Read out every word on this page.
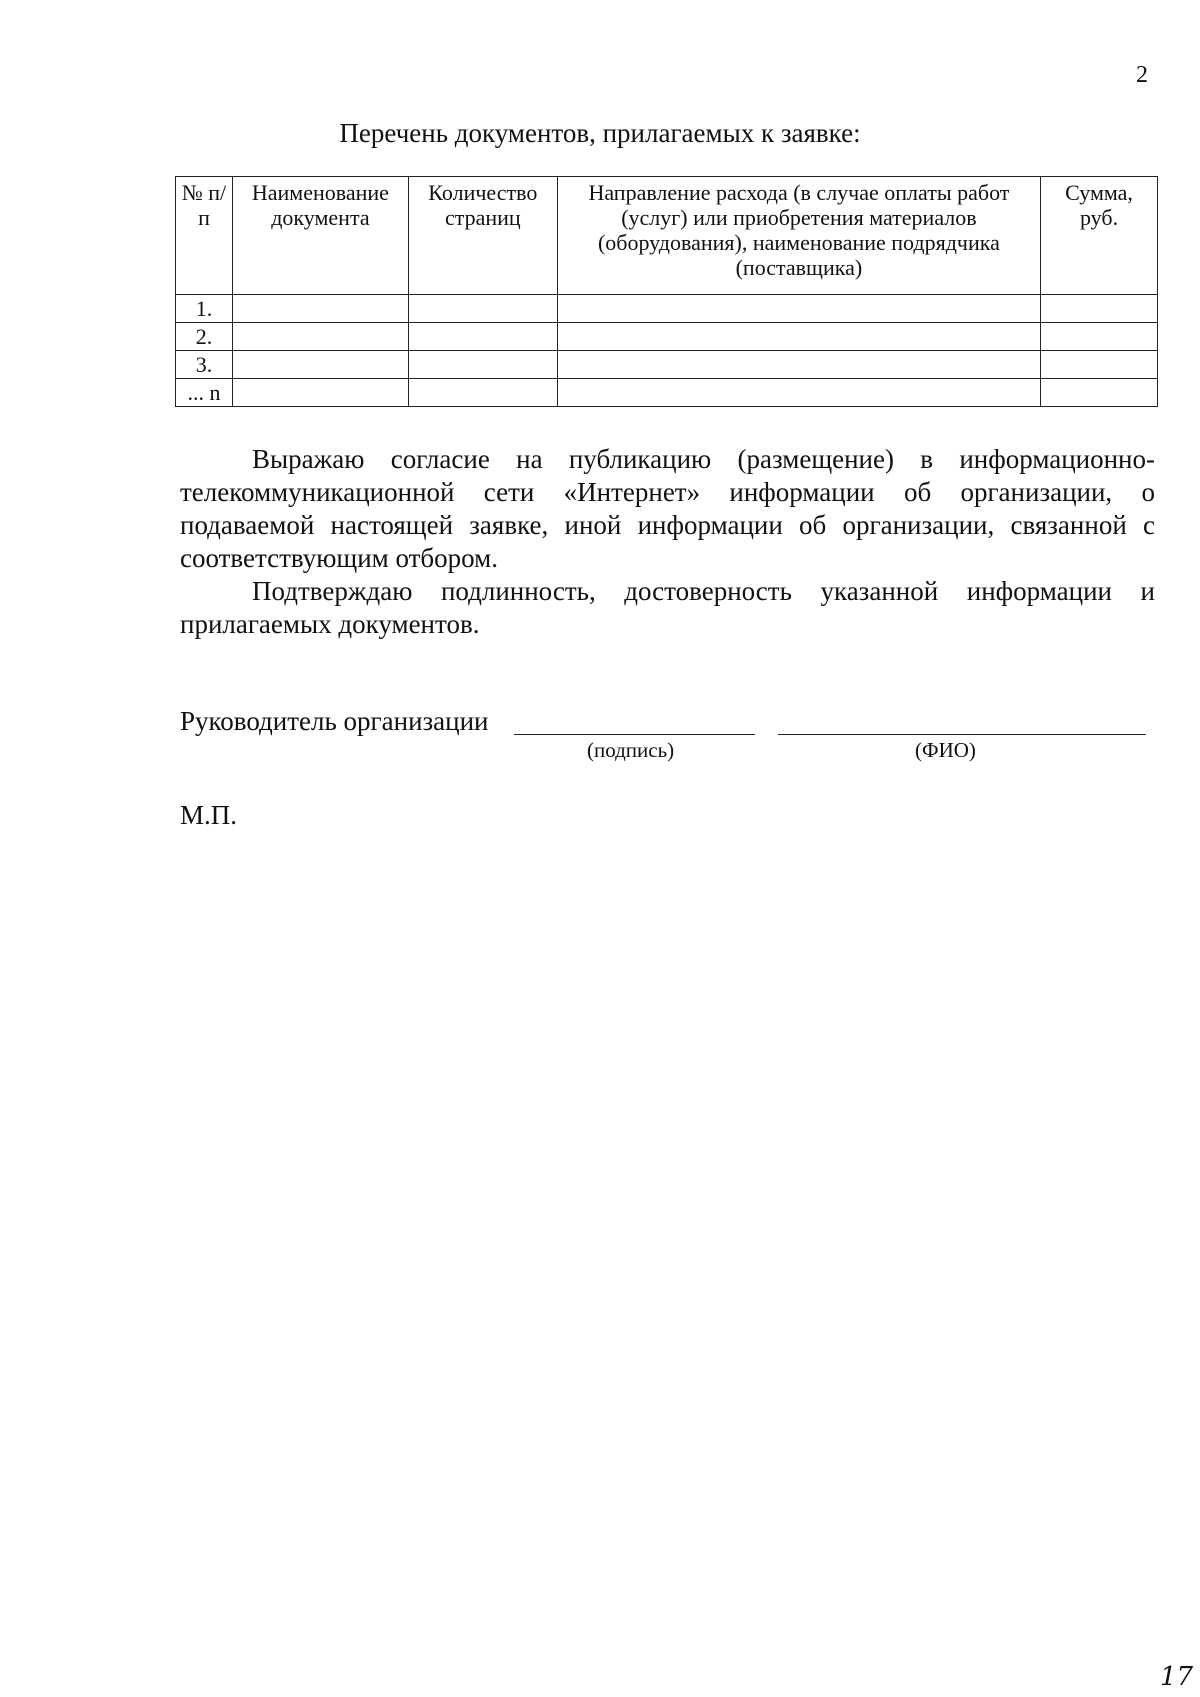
2
Перечень документов, прилагаемых к заявке:
№ п/п	Наименование документа	Количество страниц	Направление расхода (в случае оплаты работ (услуг) или приобретения материалов (оборудования), наименование подрядчика (поставщика)	Сумма, руб.
1.				
2.				
3.				
... n				

Выражаю согласие на публикацию (размещение) в информационно-телекоммуникационной сети «Интернет» информации об организации, о подаваемой настоящей заявке, иной информации об организации, связанной с соответствующим отбором.

Подтверждаю подлинность, достоверность указанной информации и прилагаемых документов.

Руководитель организации
(подпись)	(ФИО)
М.П.
17
